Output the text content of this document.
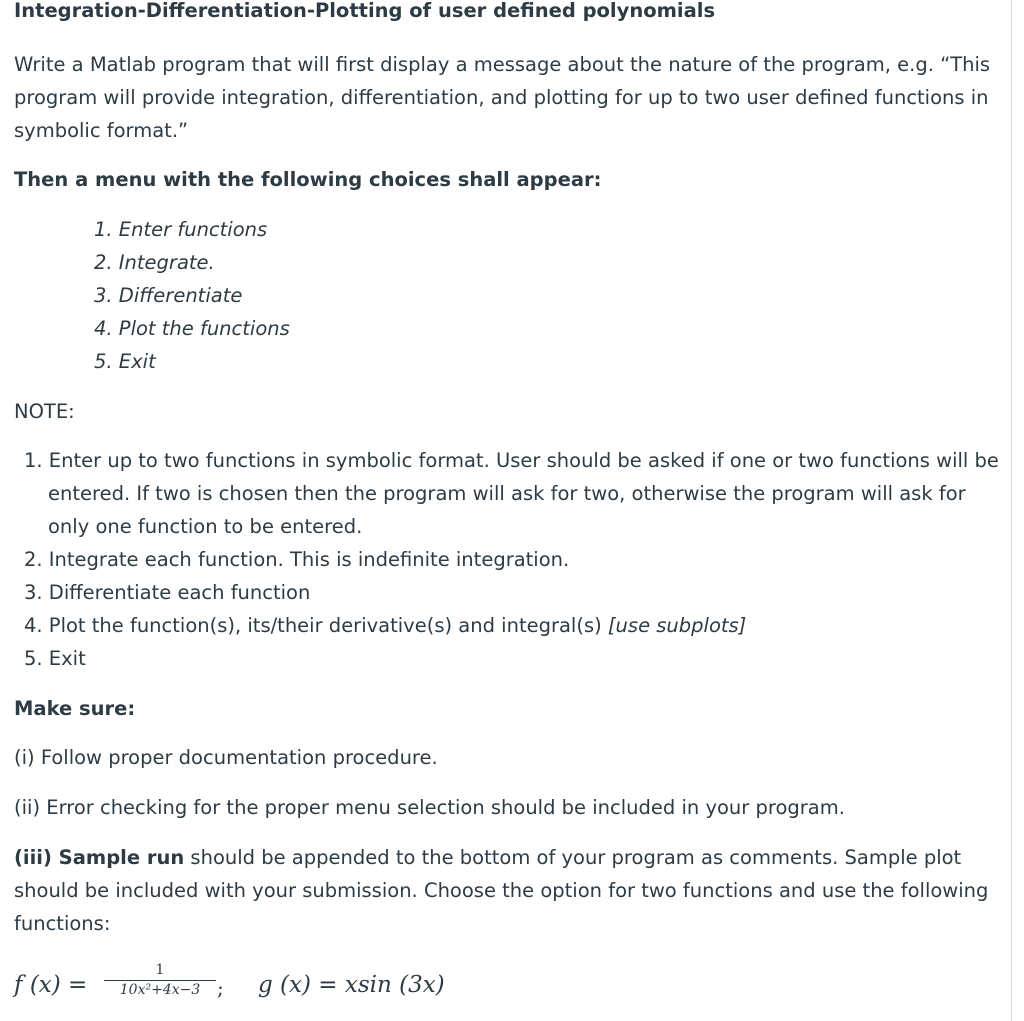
Integration-Differentiation-Plotting of user defined polynomials

Write a Matlab program that will first display a message about the nature of the program, e.g. “This program will provide integration, differentiation, and plotting for up to two user defined functions in symbolic format.”

Then a menu with the following choices shall appear:

1. Enter functions
2. Integrate.
3. Differentiate
4. Plot the functions
5. Exit

NOTE:

1. Enter up to two functions in symbolic format. User should be asked if one or two functions will be entered. If two is chosen then the program will ask for two, otherwise the program will ask for only one function to be entered.
2. Integrate each function. This is indefinite integration.
3. Differentiate each function
4. Plot the function(s), its/their derivative(s) and integral(s) [use subplots]
5. Exit

Make sure:

(i) Follow proper documentation procedure.

(ii) Error checking for the proper menu selection should be included in your program.

(iii) Sample run should be appended to the bottom of your program as comments. Sample plot should be included with your submission. Choose the option for two functions and use the following functions:

f (x) =
1
10x²+4x−3 ; g (x) = xsin (3x)
